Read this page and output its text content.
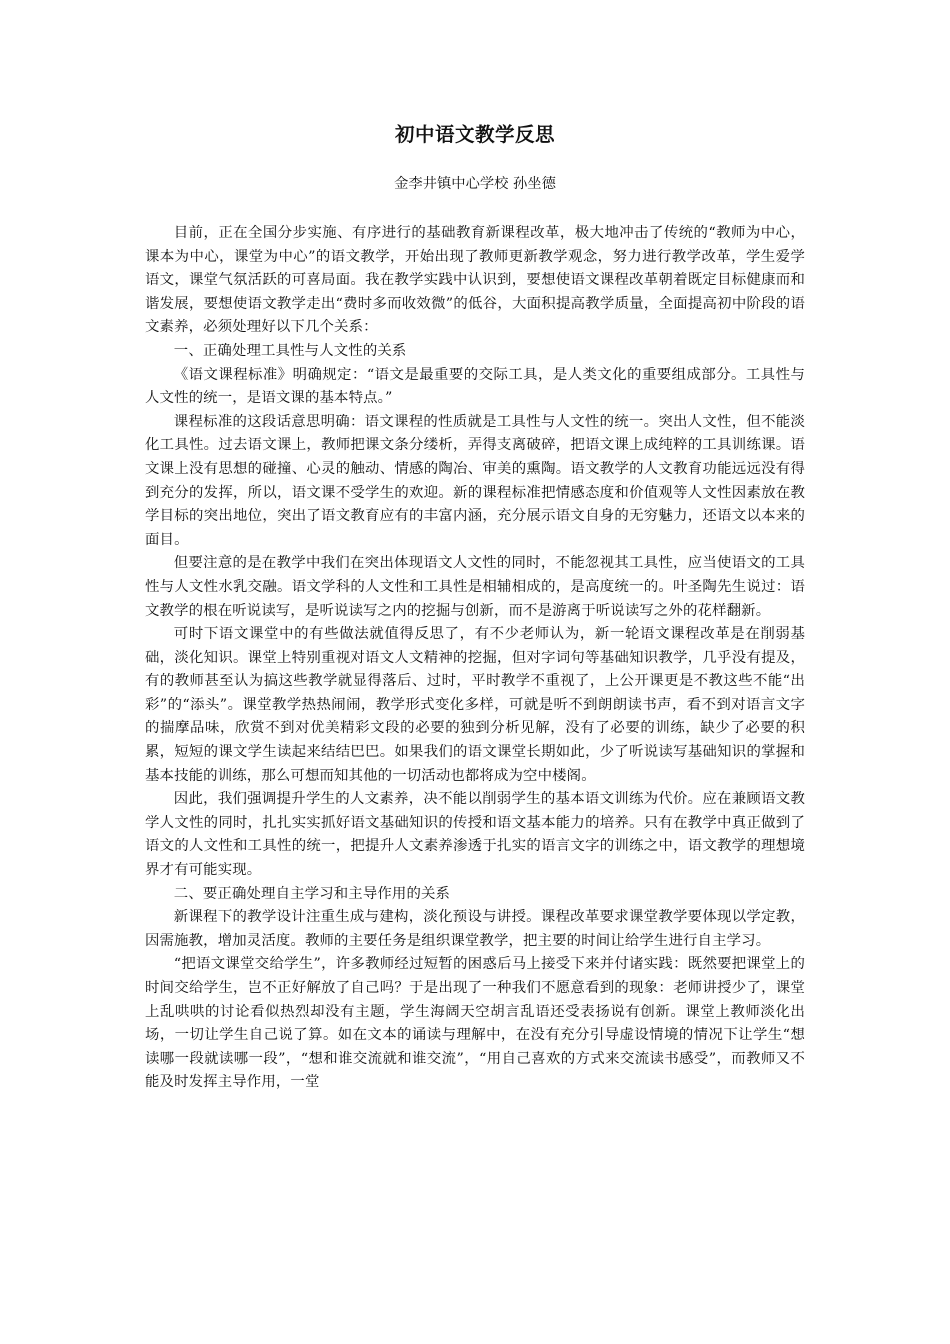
初中语文教学反思
金李井镇中心学校 孙坐德

目前，正在全国分步实施、有序进行的基础教育新课程改革，极大地冲击了传统的“教师为中心，课本为中心，课堂为中心”的语文教学，开始出现了教师更新教学观念，努力进行教学改革，学生爱学语文，课堂气氛活跃的可喜局面。我在教学实践中认识到，要想使语文课程改革朝着既定目标健康而和谐发展，要想使语文教学走出“费时多而收效微”的低谷，大面积提高教学质量，全面提高初中阶段的语文素养，必须处理好以下几个关系：

一、正确处理工具性与人文性的关系

《语文课程标准》明确规定：“语文是最重要的交际工具，是人类文化的重要组成部分。工具性与人文性的统一，是语文课的基本特点。”

课程标准的这段话意思明确：语文课程的性质就是工具性与人文性的统一。突出人文性，但不能淡化工具性。过去语文课上，教师把课文条分缕析，弄得支离破碎，把语文课上成纯粹的工具训练课。语文课上没有思想的碰撞、心灵的触动、情感的陶冶、审美的熏陶。语文教学的人文教育功能远远没有得到充分的发挥，所以，语文课不受学生的欢迎。新的课程标准把情感态度和价值观等人文性因素放在教学目标的突出地位，突出了语文教育应有的丰富内涵，充分展示语文自身的无穷魅力，还语文以本来的面目。

但要注意的是在教学中我们在突出体现语文人文性的同时，不能忽视其工具性，应当使语文的工具性与人文性水乳交融。语文学科的人文性和工具性是相辅相成的，是高度统一的。叶圣陶先生说过：语文教学的根在听说读写，是听说读写之内的挖掘与创新，而不是游离于听说读写之外的花样翻新。

可时下语文课堂中的有些做法就值得反思了，有不少老师认为，新一轮语文课程改革是在削弱基础，淡化知识。课堂上特别重视对语文人文精神的挖掘，但对字词句等基础知识教学，几乎没有提及，有的教师甚至认为搞这些教学就显得落后、过时，平时教学不重视了，上公开课更是不教这些不能“出彩”的“添头”。课堂教学热热闹闹，教学形式变化多样，可就是听不到朗朗读书声，看不到对语言文字的揣摩品味，欣赏不到对优美精彩文段的必要的独到分析见解，没有了必要的训练，缺少了必要的积累，短短的课文学生读起来结结巴巴。如果我们的语文课堂长期如此，少了听说读写基础知识的掌握和基本技能的训练，那么可想而知其他的一切活动也都将成为空中楼阁。

因此，我们强调提升学生的人文素养，决不能以削弱学生的基本语文训练为代价。应在兼顾语文教学人文性的同时，扎扎实实抓好语文基础知识的传授和语文基本能力的培养。只有在教学中真正做到了语文的人文性和工具性的统一，把提升人文素养渗透于扎实的语言文字的训练之中，语文教学的理想境界才有可能实现。

二、要正确处理自主学习和主导作用的关系

新课程下的教学设计注重生成与建构，淡化预设与讲授。课程改革要求课堂教学要体现以学定教，因需施教，增加灵活度。教师的主要任务是组织课堂教学，把主要的时间让给学生进行自主学习。

“把语文课堂交给学生”，许多教师经过短暂的困惑后马上接受下来并付诸实践：既然要把课堂上的时间交给学生，岂不正好解放了自己吗？于是出现了一种我们不愿意看到的现象：老师讲授少了，课堂上乱哄哄的讨论看似热烈却没有主题，学生海阔天空胡言乱语还受表扬说有创新。课堂上教师淡化出场，一切让学生自己说了算。如在文本的诵读与理解中，在没有充分引导虚设情境的情况下让学生“想读哪一段就读哪一段”，“想和谁交流就和谁交流”，“用自己喜欢的方式来交流读书感受”，而教师又不能及时发挥主导作用，一堂
